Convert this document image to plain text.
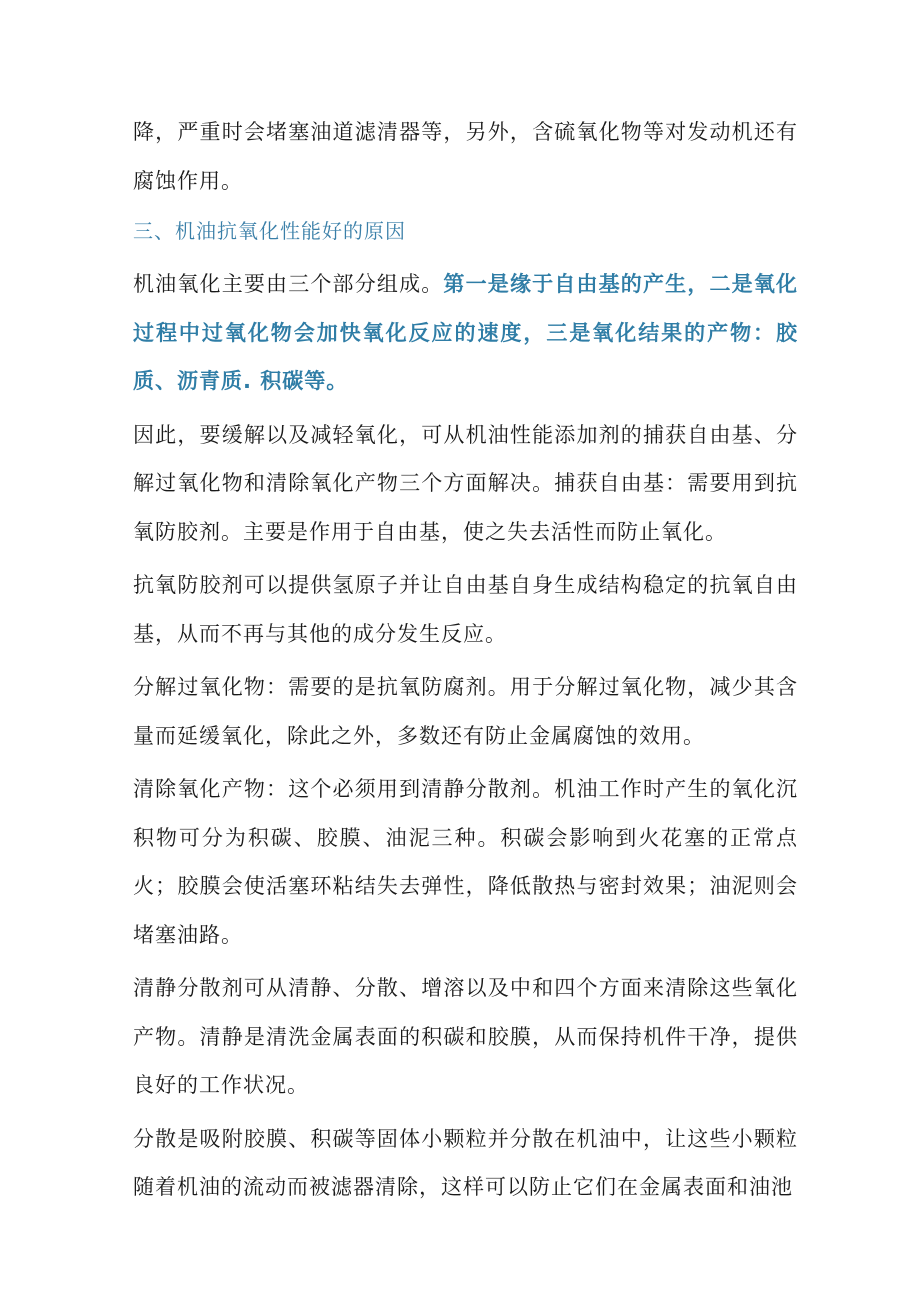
降，严重时会堵塞油道滤清器等，另外，含硫氧化物等对发动机还有腐蚀作用。

三、机油抗氧化性能好的原因

机油氧化主要由三个部分组成。第一是缘于自由基的产生，二是氧化过程中过氧化物会加快氧化反应的速度，三是氧化结果的产物：胶质、沥青质. 积碳等。

因此，要缓解以及减轻氧化，可从机油性能添加剂的捕获自由基、分解过氧化物和清除氧化产物三个方面解决。捕获自由基：需要用到抗氧防胶剂。主要是作用于自由基，使之失去活性而防止氧化。

抗氧防胶剂可以提供氢原子并让自由基自身生成结构稳定的抗氧自由基，从而不再与其他的成分发生反应。

分解过氧化物：需要的是抗氧防腐剂。用于分解过氧化物，减少其含量而延缓氧化，除此之外，多数还有防止金属腐蚀的效用。

清除氧化产物：这个必须用到清静分散剂。机油工作时产生的氧化沉积物可分为积碳、胶膜、油泥三种。积碳会影响到火花塞的正常点火；胶膜会使活塞环粘结失去弹性，降低散热与密封效果；油泥则会堵塞油路。

清静分散剂可从清静、分散、增溶以及中和四个方面来清除这些氧化产物。清静是清洗金属表面的积碳和胶膜，从而保持机件干净，提供良好的工作状况。

分散是吸附胶膜、积碳等固体小颗粒并分散在机油中，让这些小颗粒随着机油的流动而被滤器清除，这样可以防止它们在金属表面和油池
